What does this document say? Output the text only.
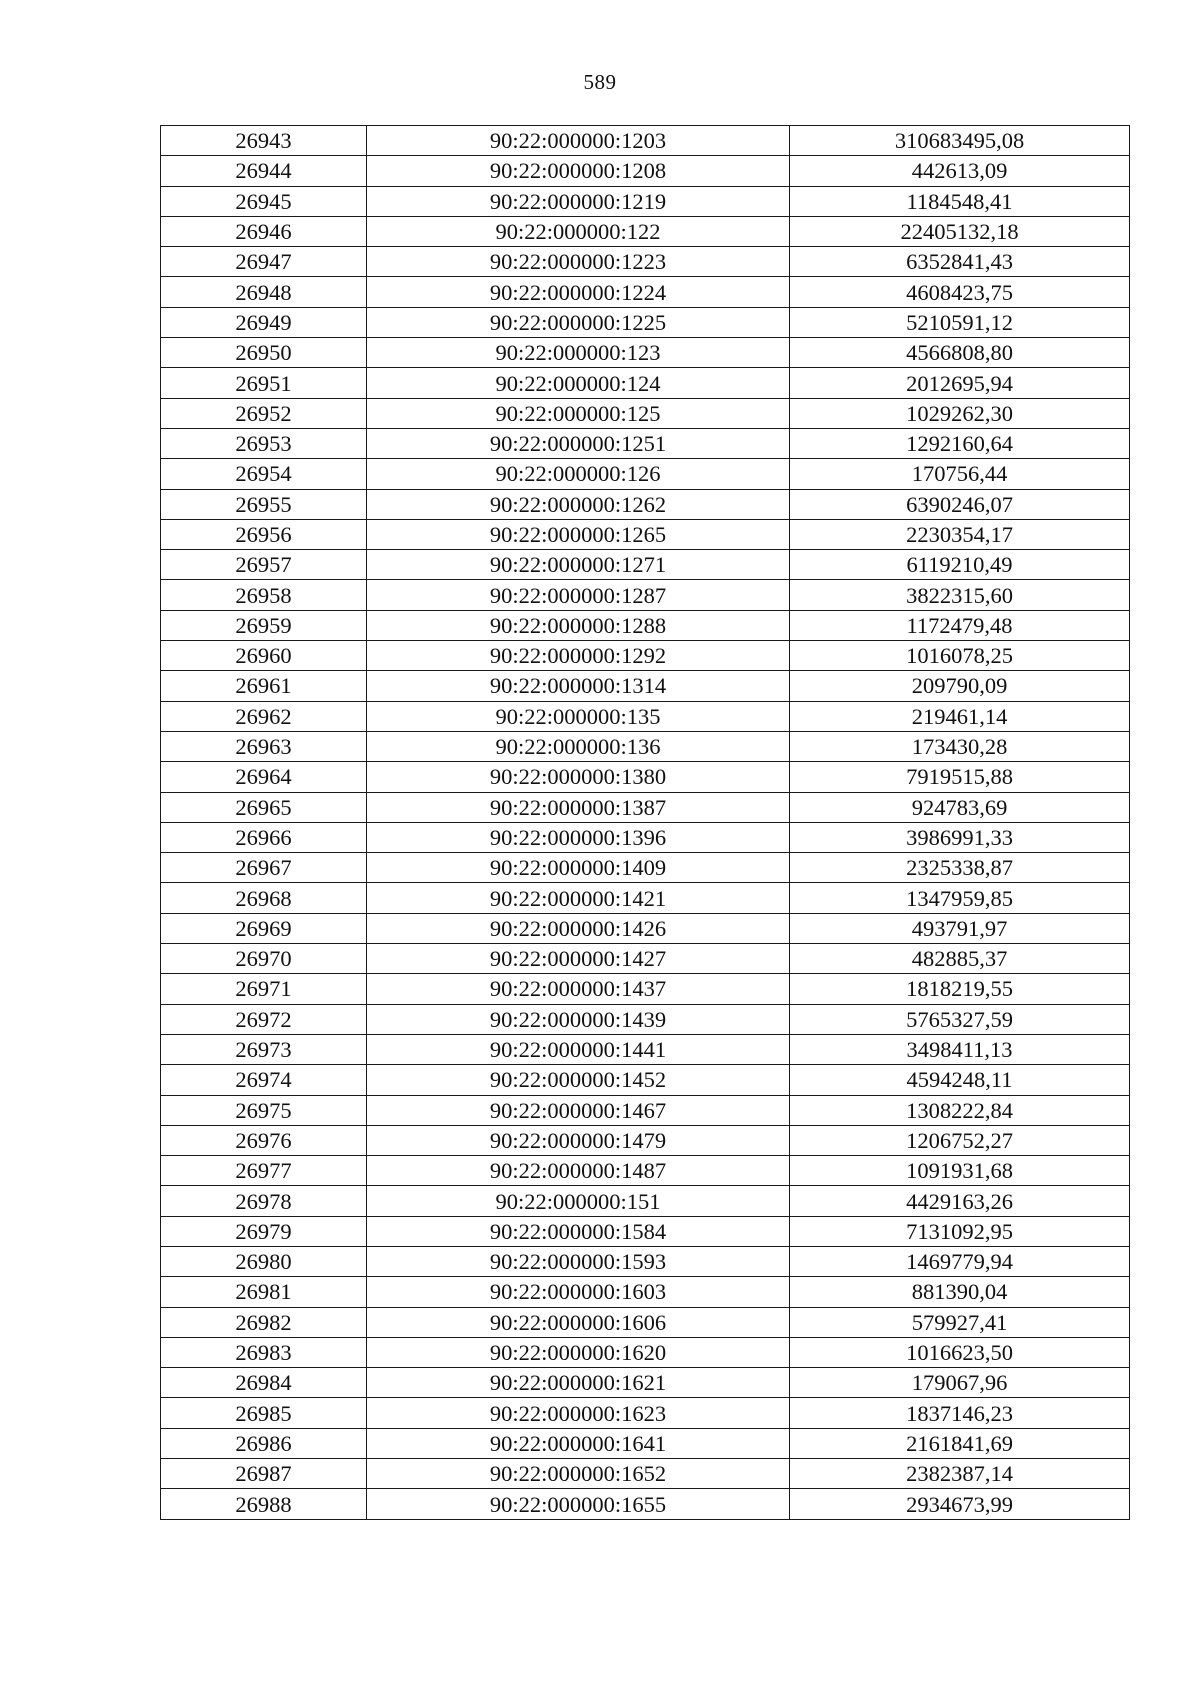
589
26943	90:22:000000:1203	310683495,08
26944	90:22:000000:1208	442613,09
26945	90:22:000000:1219	1184548,41
26946	90:22:000000:122	22405132,18
26947	90:22:000000:1223	6352841,43
26948	90:22:000000:1224	4608423,75
26949	90:22:000000:1225	5210591,12
26950	90:22:000000:123	4566808,80
26951	90:22:000000:124	2012695,94
26952	90:22:000000:125	1029262,30
26953	90:22:000000:1251	1292160,64
26954	90:22:000000:126	170756,44
26955	90:22:000000:1262	6390246,07
26956	90:22:000000:1265	2230354,17
26957	90:22:000000:1271	6119210,49
26958	90:22:000000:1287	3822315,60
26959	90:22:000000:1288	1172479,48
26960	90:22:000000:1292	1016078,25
26961	90:22:000000:1314	209790,09
26962	90:22:000000:135	219461,14
26963	90:22:000000:136	173430,28
26964	90:22:000000:1380	7919515,88
26965	90:22:000000:1387	924783,69
26966	90:22:000000:1396	3986991,33
26967	90:22:000000:1409	2325338,87
26968	90:22:000000:1421	1347959,85
26969	90:22:000000:1426	493791,97
26970	90:22:000000:1427	482885,37
26971	90:22:000000:1437	1818219,55
26972	90:22:000000:1439	5765327,59
26973	90:22:000000:1441	3498411,13
26974	90:22:000000:1452	4594248,11
26975	90:22:000000:1467	1308222,84
26976	90:22:000000:1479	1206752,27
26977	90:22:000000:1487	1091931,68
26978	90:22:000000:151	4429163,26
26979	90:22:000000:1584	7131092,95
26980	90:22:000000:1593	1469779,94
26981	90:22:000000:1603	881390,04
26982	90:22:000000:1606	579927,41
26983	90:22:000000:1620	1016623,50
26984	90:22:000000:1621	179067,96
26985	90:22:000000:1623	1837146,23
26986	90:22:000000:1641	2161841,69
26987	90:22:000000:1652	2382387,14
26988	90:22:000000:1655	2934673,99
